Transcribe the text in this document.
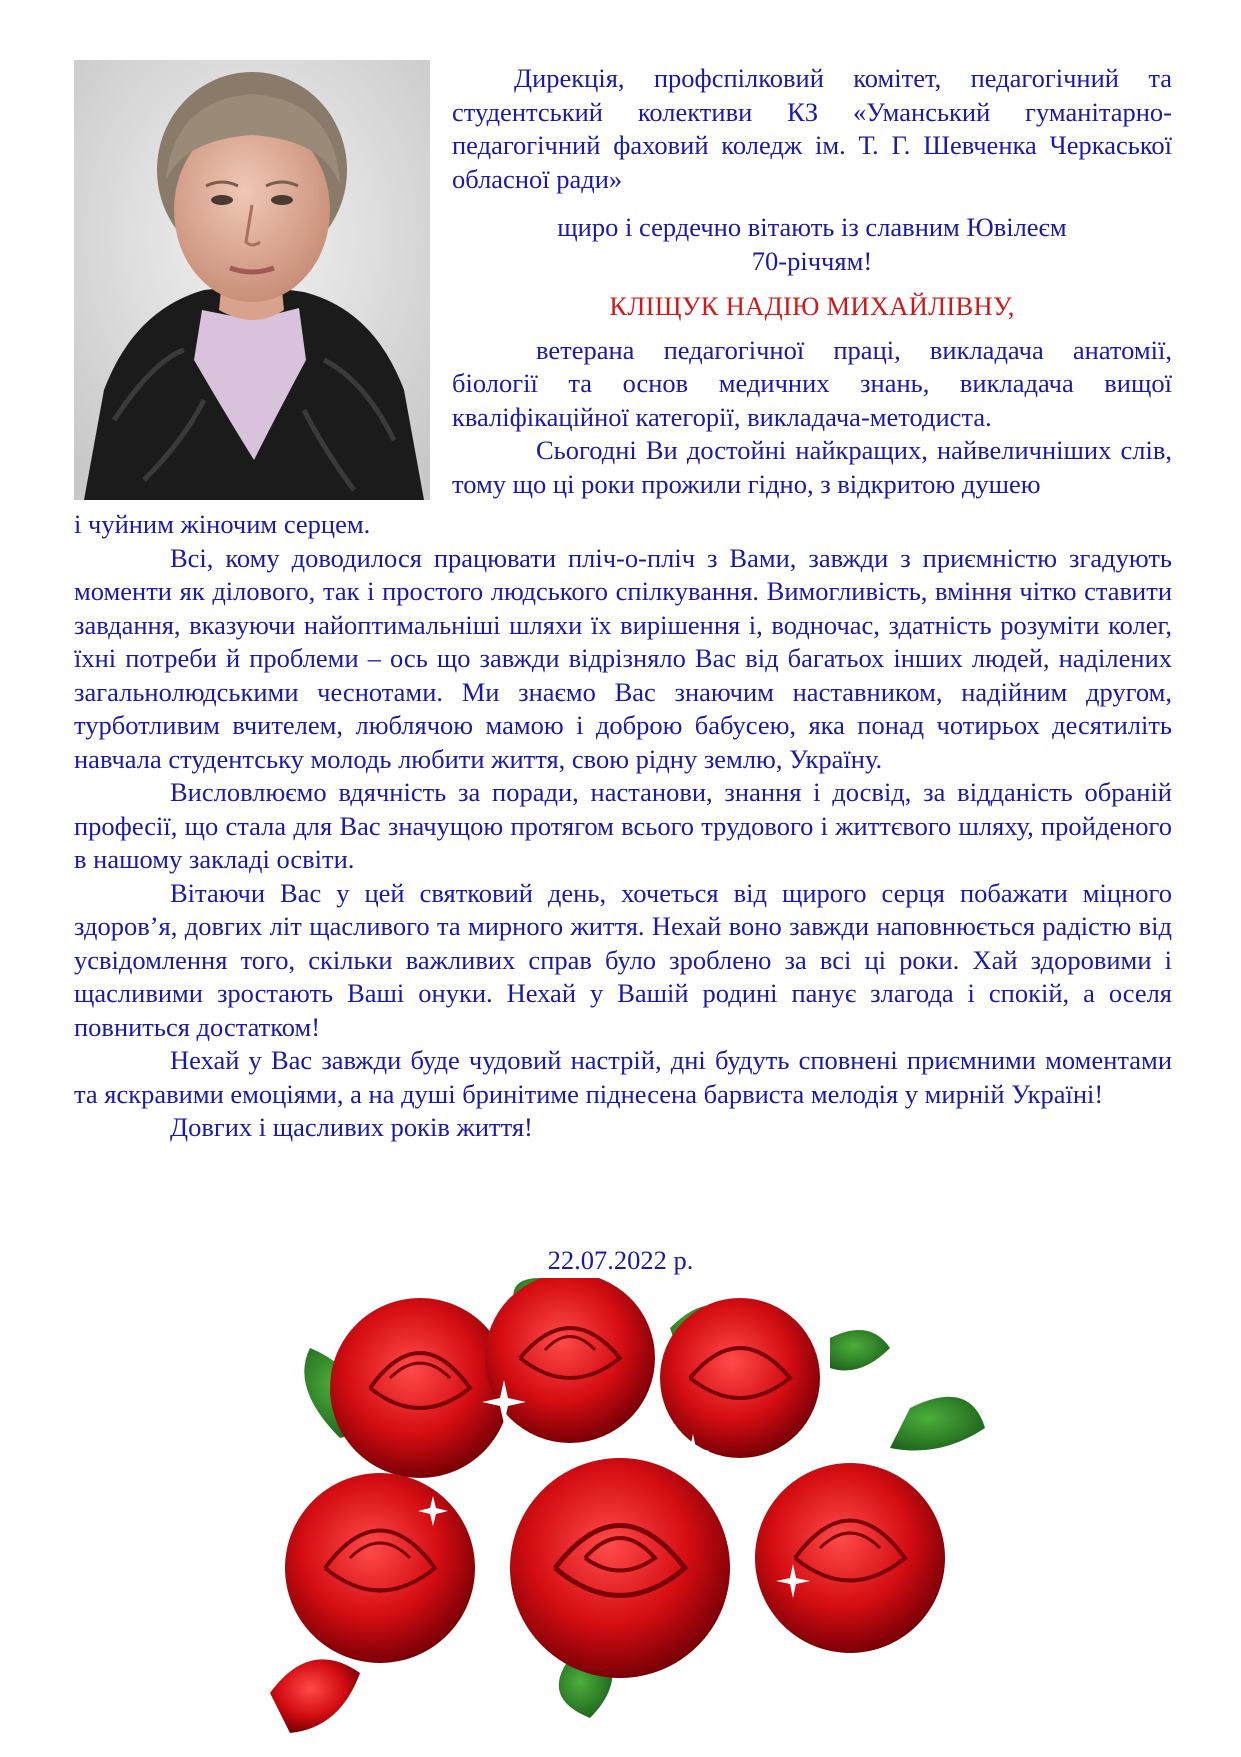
Дирекція, профспілковий комітет, педагогічний та студентський колективи КЗ «Уманський гуманітарно-педагогічний фаховий коледж ім. Т. Г. Шевченка Черкаської обласної ради»

щиро і сердечно вітають із славним Ювілеєм

70-річчям!

КЛІЩУК НАДІЮ МИХАЙЛІВНУ,

ветерана педагогічної праці, викладача анатомії, біології та основ медичних знань, викладача вищої кваліфікаційної категорії, викладача-методиста.

Сьогодні Ви достойні найкращих, найвеличніших слів, тому що ці роки прожили гідно, з відкритою душею

і чуйним жіночим серцем.

Всі, кому доводилося працювати пліч-о-пліч з Вами, завжди з приємністю згадують моменти як ділового, так і простого людського спілкування. Вимогливість, вміння чітко ставити завдання, вказуючи найоптимальніші шляхи їх вирішення і, водночас, здатність розуміти колег, їхні потреби й проблеми – ось що завжди відрізняло Вас від багатьох інших людей, наділених загальнолюдськими чеснотами. Ми знаємо Вас знаючим наставником, надійним другом, турботливим вчителем, люблячою мамою і доброю бабусею, яка понад чотирьох десятиліть навчала студентську молодь любити життя, свою рідну землю, Україну.

Висловлюємо вдячність за поради, настанови, знання і досвід, за відданість обраній професії, що стала для Вас значущою протягом всього трудового і життєвого шляху, пройденого в нашому закладі освіти.

Вітаючи Вас у цей святковий день, хочеться від щирого серця побажати міцного здоров’я, довгих літ щасливого та мирного життя. Нехай воно завжди наповнюється радістю від усвідомлення того, скільки важливих справ було зроблено за всі ці роки. Хай здоровими і щасливими зростають Ваші онуки. Нехай у Вашій родині панує злагода і спокій, а оселя повниться достатком!

Нехай у Вас завжди буде чудовий настрій, дні будуть сповнені приємними моментами та яскравими емоціями, а на душі бринітиме піднесена барвиста мелодія у мирній Україні!

Довгих і щасливих років життя!

22.07.2022 р.
